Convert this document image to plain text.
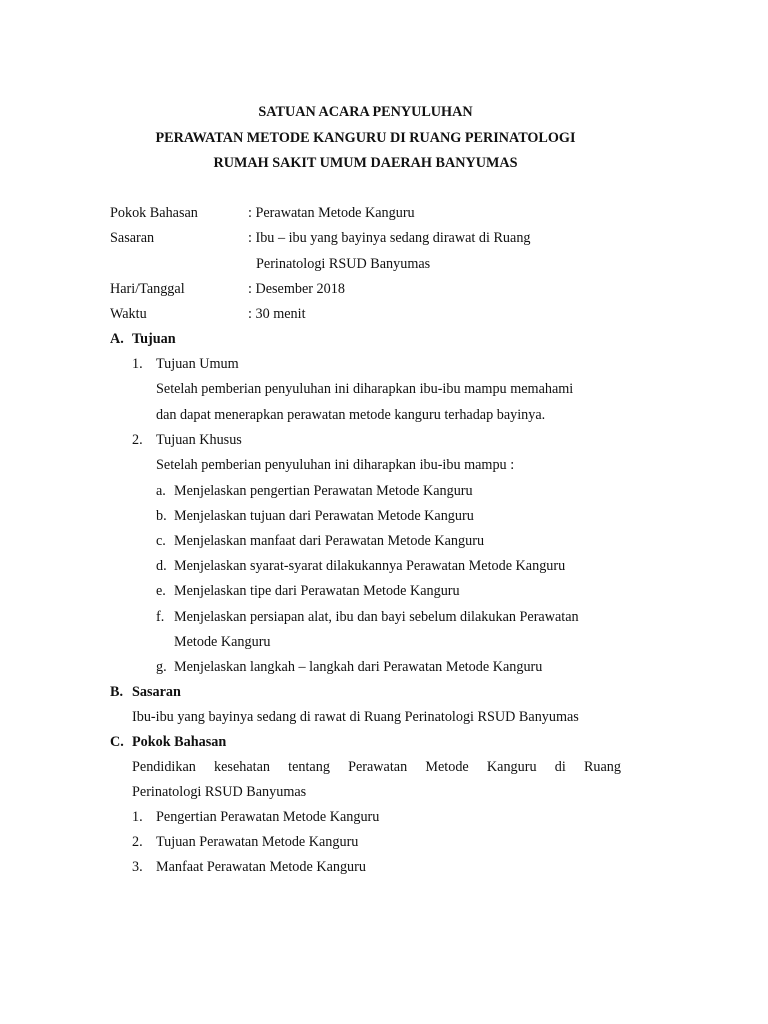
SATUAN ACARA PENYULUHAN
PERAWATAN METODE KANGURU DI RUANG PERINATOLOGI
RUMAH SAKIT UMUM DAERAH BANYUMAS
Pokok Bahasan	: Perawatan Metode Kanguru
Sasaran	: Ibu – ibu yang bayinya sedang dirawat di Ruang
Perinatologi RSUD Banyumas
Hari/Tanggal	: Desember 2018
Waktu	: 30 menit
A. Tujuan
1. Tujuan Umum
Setelah pemberian penyuluhan ini diharapkan ibu-ibu mampu memahami
dan dapat menerapkan perawatan metode kanguru terhadap bayinya.
2. Tujuan Khusus
Setelah pemberian penyuluhan ini diharapkan ibu-ibu mampu :
a. Menjelaskan pengertian Perawatan Metode Kanguru
b. Menjelaskan tujuan dari Perawatan Metode Kanguru
c. Menjelaskan manfaat dari Perawatan Metode Kanguru
d. Menjelaskan syarat-syarat dilakukannya Perawatan Metode Kanguru
e. Menjelaskan tipe dari Perawatan Metode Kanguru
f. Menjelaskan persiapan alat, ibu dan bayi sebelum dilakukan Perawatan
Metode Kanguru
g. Menjelaskan langkah – langkah dari Perawatan Metode Kanguru
B. Sasaran
Ibu-ibu yang bayinya sedang di rawat di Ruang Perinatologi RSUD Banyumas
C. Pokok Bahasan
Pendidikan kesehatan tentang Perawatan Metode Kanguru di Ruang
Perinatologi RSUD Banyumas
1. Pengertian Perawatan Metode Kanguru
2. Tujuan Perawatan Metode Kanguru
3. Manfaat Perawatan Metode Kanguru
